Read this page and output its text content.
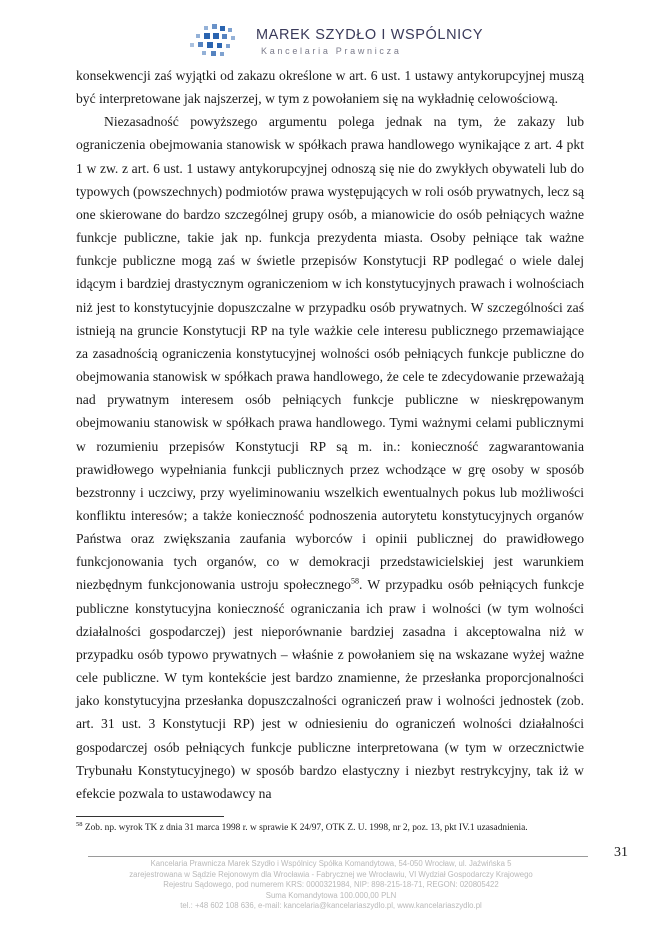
MAREK SZYDŁO I WSPÓLNICY
Kancelaria Prawnicza

konsekwencji zaś wyjątki od zakazu określone w art. 6 ust. 1 ustawy antykorupcyjnej muszą być interpretowane jak najszerzej, w tym z powołaniem się na wykładnię celowościową.

Niezasadność powyższego argumentu polega jednak na tym, że zakazy lub ograniczenia obejmowania stanowisk w spółkach prawa handlowego wynikające z art. 4 pkt 1 w zw. z art. 6 ust. 1 ustawy antykorupcyjnej odnoszą się nie do zwykłych obywateli lub do typowych (powszechnych) podmiotów prawa występujących w roli osób prywatnych, lecz są one skierowane do bardzo szczególnej grupy osób, a mianowicie do osób pełniących ważne funkcje publiczne, takie jak np. funkcja prezydenta miasta. Osoby pełniące tak ważne funkcje publiczne mogą zaś w świetle przepisów Konstytucji RP podlegać o wiele dalej idącym i bardziej drastycznym ograniczeniom w ich konstytucyjnych prawach i wolnościach niż jest to konstytucyjnie dopuszczalne w przypadku osób prywatnych. W szczególności zaś istnieją na gruncie Konstytucji RP na tyle ważkie cele interesu publicznego przemawiające za zasadnością ograniczenia konstytucyjnej wolności osób pełniących funkcje publiczne do obejmowania stanowisk w spółkach prawa handlowego, że cele te zdecydowanie przeważają nad prywatnym interesem osób pełniących funkcje publiczne w nieskrępowanym obejmowaniu stanowisk w spółkach prawa handlowego. Tymi ważnymi celami publicznymi w rozumieniu przepisów Konstytucji RP są m. in.: konieczność zagwarantowania prawidłowego wypełniania funkcji publicznych przez wchodzące w grę osoby w sposób bezstronny i uczciwy, przy wyeliminowaniu wszelkich ewentualnych pokus lub możliwości konfliktu interesów; a także konieczność podnoszenia autorytetu konstytucyjnych organów Państwa oraz zwiększania zaufania wyborców i opinii publicznej do prawidłowego funkcjonowania tych organów, co w demokracji przedstawicielskiej jest warunkiem niezbędnym funkcjonowania ustroju społecznego$^{58}$. W przypadku osób pełniących funkcje publiczne konstytucyjna konieczność ograniczania ich praw i wolności (w tym wolności działalności gospodarczej) jest nieporównanie bardziej zasadna i akceptowalna niż w przypadku osób typowo prywatnych – właśnie z powołaniem się na wskazane wyżej ważne cele publiczne. W tym kontekście jest bardzo znamienne, że przesłanka proporcjonalności jako konstytucyjna przesłanka dopuszczalności ograniczeń praw i wolności jednostek (zob. art. 31 ust. 3 Konstytucji RP) jest w odniesieniu do ograniczeń wolności działalności gospodarczej osób pełniących funkcje publiczne interpretowana (w tym w orzecznictwie Trybunału Konstytucyjnego) w sposób bardzo elastyczny i niezbyt restrykcyjny, tak iż w efekcie pozwala to ustawodawcy na

$^{58}$ Zob. np. wyrok TK z dnia 31 marca 1998 r. w sprawie K 24/97, OTK Z. U. 1998, nr 2, poz. 13, pkt IV.1 uzasadnienia.
31
Kancelaria Prawnicza Marek Szydło i Wspólnicy Spółka Komandytowa, 54-050 Wrocław, ul. Jaźwińska 5
zarejestrowana w Sądzie Rejonowym dla Wrocławia - Fabrycznej we Wrocławiu, VI Wydział Gospodarczy Krajowego
Rejestru Sądowego, pod numerem KRS: 0000321984, NIP: 898-215-18-71, REGON: 020805422
Suma Komandytowa 100.000,00 PLN
tel.: +48 602 108 636, e-mail: kancelaria@kancelariaszydlo.pl, www.kancelariaszydlo.pl
